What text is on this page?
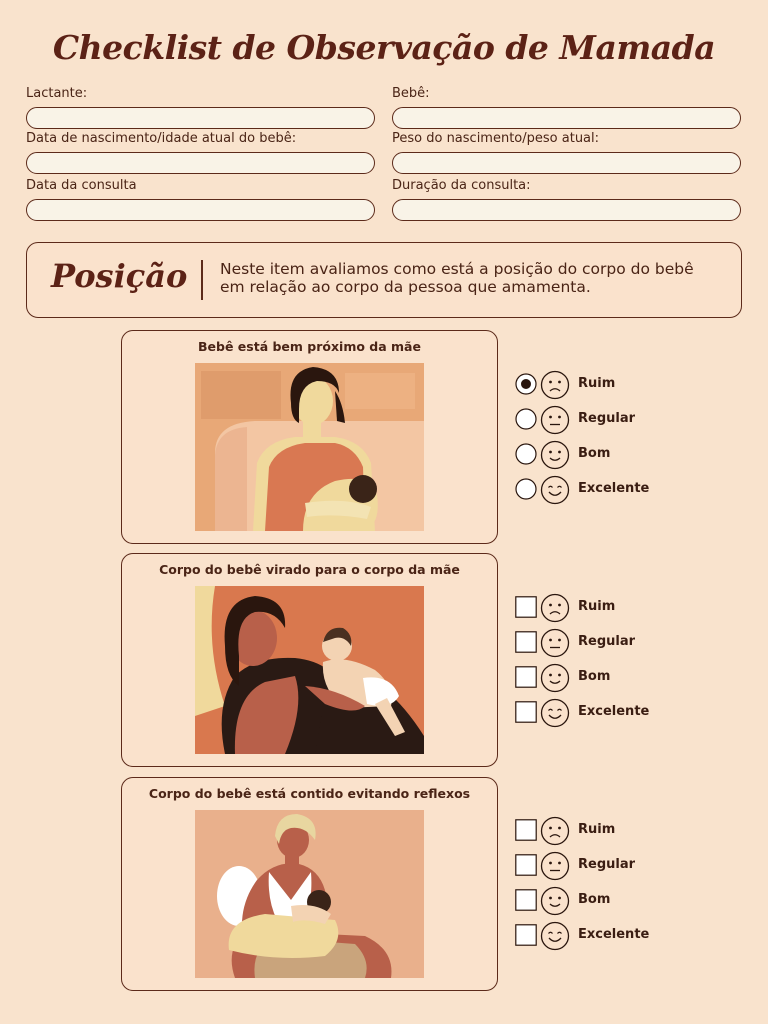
Checklist de Observação de Mamada
Lactante:	Bebê:
Data de nascimento/idade atual do bebê:	Peso do nascimento/peso atual:
Data da consulta	Duração da consulta:
Posição Neste item avaliamos como está a posição do corpo do bebê em relação ao corpo da pessoa que amamenta.
Bebê está bem próximo da mãe
Ruim
Regular
Bom
Excelente
Corpo do bebê virado para o corpo da mãe
Ruim
Regular
Bom
Excelente
Corpo do bebê está contido evitando reflexos
Ruim
Regular
Bom
Excelente
